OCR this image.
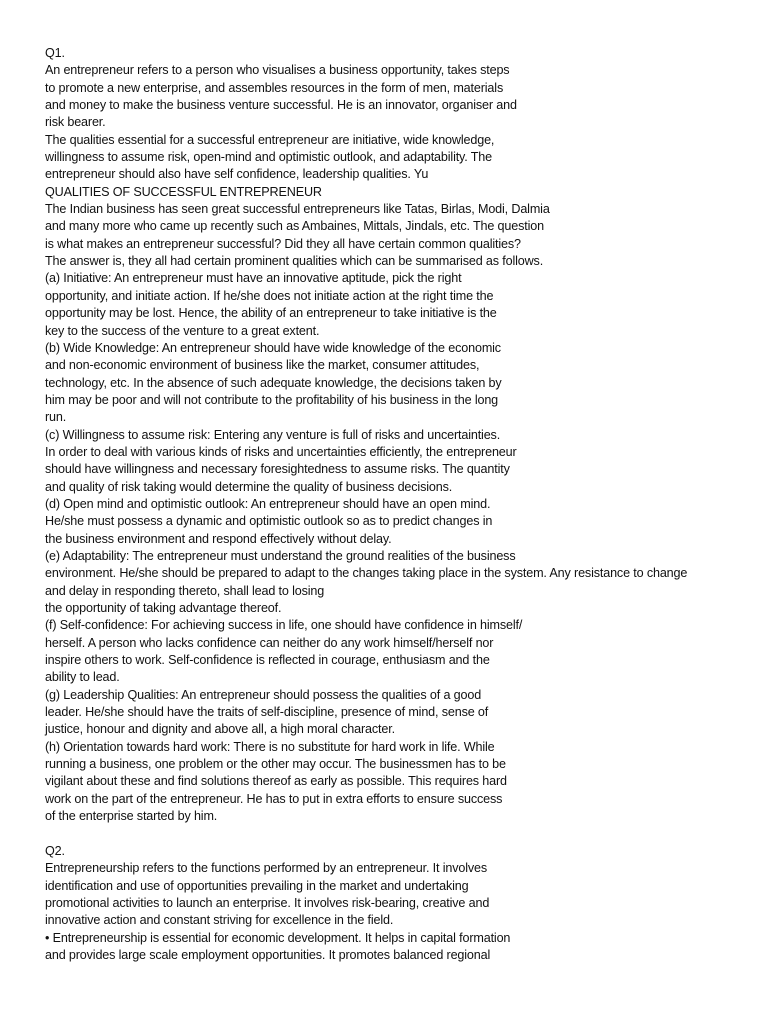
Q1.
An entrepreneur refers to a person who visualises a business opportunity, takes steps
to promote a new enterprise, and assembles resources in the form of men, materials
and money to make the business venture successful. He is an innovator, organiser and
risk bearer.
The qualities essential for a successful entrepreneur are initiative, wide knowledge,
willingness to assume risk, open-mind and optimistic outlook, and adaptability. The
entrepreneur should also have self confidence, leadership qualities. Yu
QUALITIES OF SUCCESSFUL ENTREPRENEUR
The Indian business has seen great successful entrepreneurs like Tatas, Birlas, Modi, Dalmia
and many more who came up recently such as Ambaines, Mittals, Jindals, etc. The question
is what makes an entrepreneur successful? Did they all have certain common qualities?
The answer is, they all had certain prominent qualities which can be summarised as follows.
(a) Initiative: An entrepreneur must have an innovative aptitude, pick the right
opportunity, and initiate action. If he/she does not initiate action at the right time the
opportunity may be lost. Hence, the ability of an entrepreneur to take initiative is the
key to the success of the venture to a great extent.
(b) Wide Knowledge: An entrepreneur should have wide knowledge of the economic
and non-economic environment of business like the market, consumer attitudes,
technology, etc. In the absence of such adequate knowledge, the decisions taken by
him may be poor and will not contribute to the profitability of his business in the long
run.
(c) Willingness to assume risk: Entering any venture is full of risks and uncertainties.
In order to deal with various kinds of risks and uncertainties efficiently, the entrepreneur
should have willingness and necessary foresightedness to assume risks. The quantity
and quality of risk taking would determine the quality of business decisions.
(d) Open mind and optimistic outlook: An entrepreneur should have an open mind.
He/she must possess a dynamic and optimistic outlook so as to predict changes in
the business environment and respond effectively without delay.
(e) Adaptability: The entrepreneur must understand the ground realities of the business
environment. He/she should be prepared to adapt to the changes taking place in the system. Any resistance to change
and delay in responding thereto, shall lead to losing
the opportunity of taking advantage thereof.
(f) Self-confidence: For achieving success in life, one should have confidence in himself/
herself. A person who lacks confidence can neither do any work himself/herself nor
inspire others to work. Self-confidence is reflected in courage, enthusiasm and the
ability to lead.
(g) Leadership Qualities: An entrepreneur should possess the qualities of a good
leader. He/she should have the traits of self-discipline, presence of mind, sense of
justice, honour and dignity and above all, a high moral character.
(h) Orientation towards hard work: There is no substitute for hard work in life. While
running a business, one problem or the other may occur. The businessmen has to be
vigilant about these and find solutions thereof as early as possible. This requires hard
work on the part of the entrepreneur. He has to put in extra efforts to ensure success
of the enterprise started by him.
Q2.
Entrepreneurship refers to the functions performed by an entrepreneur. It involves
identification and use of opportunities prevailing in the market and undertaking
promotional activities to launch an enterprise. It involves risk-bearing, creative and
innovative action and constant striving for excellence in the field.
• Entrepreneurship is essential for economic development. It helps in capital formation
and provides large scale employment opportunities. It promotes balanced regional
